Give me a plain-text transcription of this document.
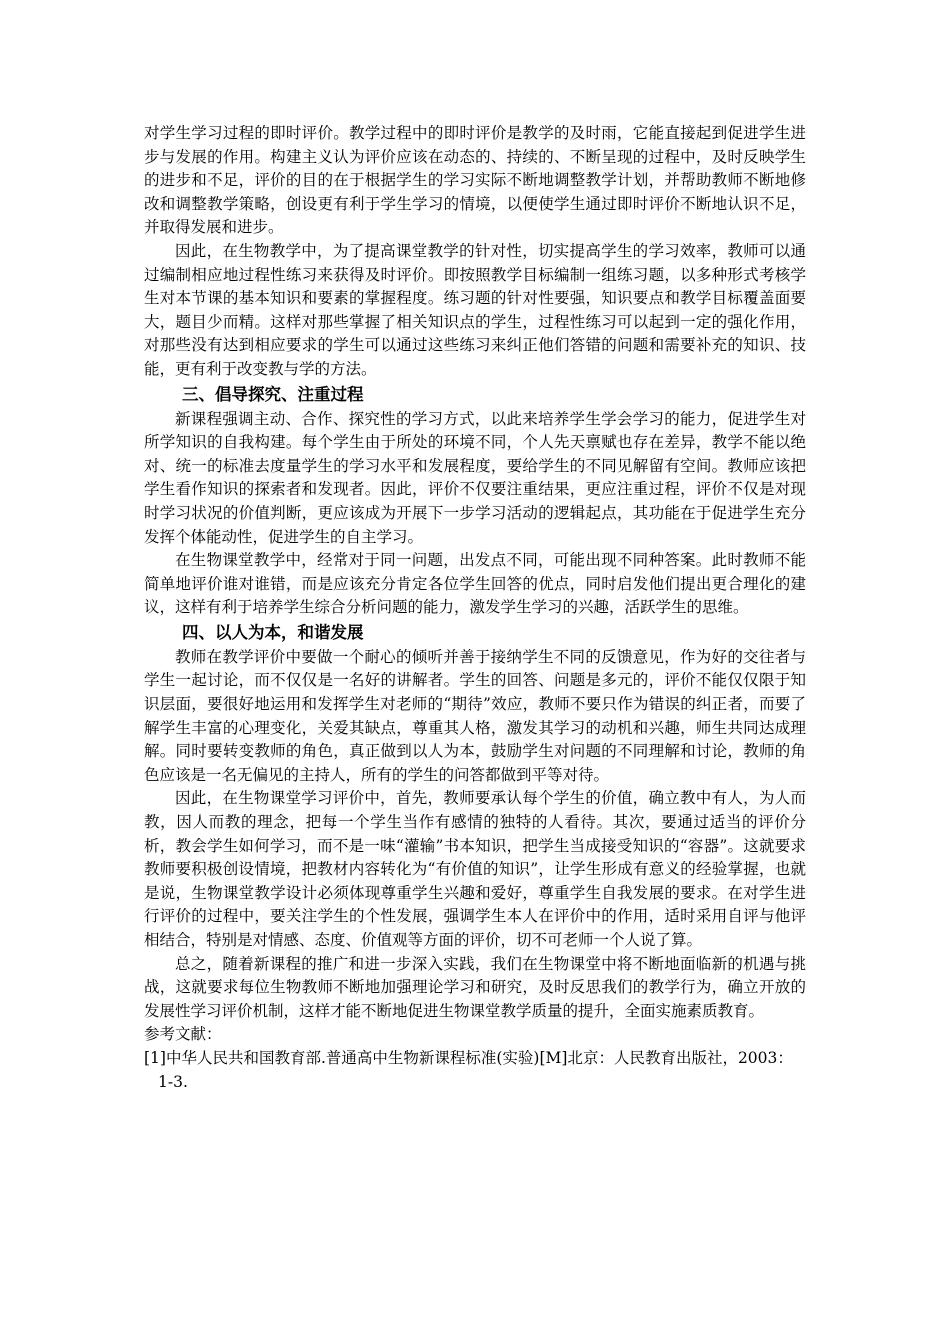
对学生学习过程的即时评价。教学过程中的即时评价是教学的及时雨，它能直接起到促进学生进步与发展的作用。构建主义认为评价应该在动态的、持续的、不断呈现的过程中，及时反映学生的进步和不足，评价的目的在于根据学生的学习实际不断地调整教学计划，并帮助教师不断地修改和调整教学策略，创设更有利于学生学习的情境，以便使学生通过即时评价不断地认识不足，并取得发展和进步。

因此，在生物教学中，为了提高课堂教学的针对性，切实提高学生的学习效率，教师可以通过编制相应地过程性练习来获得及时评价。即按照教学目标编制一组练习题，以多种形式考核学生对本节课的基本知识和要素的掌握程度。练习题的针对性要强，知识要点和教学目标覆盖面要大，题目少而精。这样对那些掌握了相关知识点的学生，过程性练习可以起到一定的强化作用，对那些没有达到相应要求的学生可以通过这些练习来纠正他们答错的问题和需要补充的知识、技能，更有利于改变教与学的方法。

三、倡导探究、注重过程

新课程强调主动、合作、探究性的学习方式，以此来培养学生学会学习的能力，促进学生对所学知识的自我构建。每个学生由于所处的环境不同，个人先天禀赋也存在差异，教学不能以绝对、统一的标准去度量学生的学习水平和发展程度，要给学生的不同见解留有空间。教师应该把学生看作知识的探索者和发现者。因此，评价不仅要注重结果，更应注重过程，评价不仅是对现时学习状况的价值判断，更应该成为开展下一步学习活动的逻辑起点，其功能在于促进学生充分发挥个体能动性，促进学生的自主学习。

在生物课堂教学中，经常对于同一问题，出发点不同，可能出现不同种答案。此时教师不能简单地评价谁对谁错，而是应该充分肯定各位学生回答的优点，同时启发他们提出更合理化的建议，这样有利于培养学生综合分析问题的能力，激发学生学习的兴趣，活跃学生的思维。

四、以人为本，和谐发展

教师在教学评价中要做一个耐心的倾听并善于接纳学生不同的反馈意见，作为好的交往者与学生一起讨论，而不仅仅是一名好的讲解者。学生的回答、问题是多元的，评价不能仅仅限于知识层面，要很好地运用和发挥学生对老师的“期待”效应，教师不要只作为错误的纠正者，而要了解学生丰富的心理变化，关爱其缺点，尊重其人格，激发其学习的动机和兴趣，师生共同达成理解。同时要转变教师的角色，真正做到以人为本，鼓励学生对问题的不同理解和讨论，教师的角色应该是一名无偏见的主持人，所有的学生的问答都做到平等对待。

因此，在生物课堂学习评价中，首先，教师要承认每个学生的价值，确立教中有人，为人而教，因人而教的理念，把每一个学生当作有感情的独特的人看待。其次，要通过适当的评价分析，教会学生如何学习，而不是一味“灌输”书本知识，把学生当成接受知识的“容器”。这就要求教师要积极创设情境，把教材内容转化为“有价值的知识”，让学生形成有意义的经验掌握，也就是说，生物课堂教学设计必须体现尊重学生兴趣和爱好，尊重学生自我发展的要求。在对学生进行评价的过程中，要关注学生的个性发展，强调学生本人在评价中的作用，适时采用自评与他评相结合，特别是对情感、态度、价值观等方面的评价，切不可老师一个人说了算。

总之，随着新课程的推广和进一步深入实践，我们在生物课堂中将不断地面临新的机遇与挑战，这就要求每位生物教师不断地加强理论学习和研究，及时反思我们的教学行为，确立开放的发展性学习评价机制，这样才能不断地促进生物课堂教学质量的提升，全面实施素质教育。

参考文献：

[1]中华人民共和国教育部.普通高中生物新课程标准(实验)[M]北京：人民教育出版社，2003：1-3.
